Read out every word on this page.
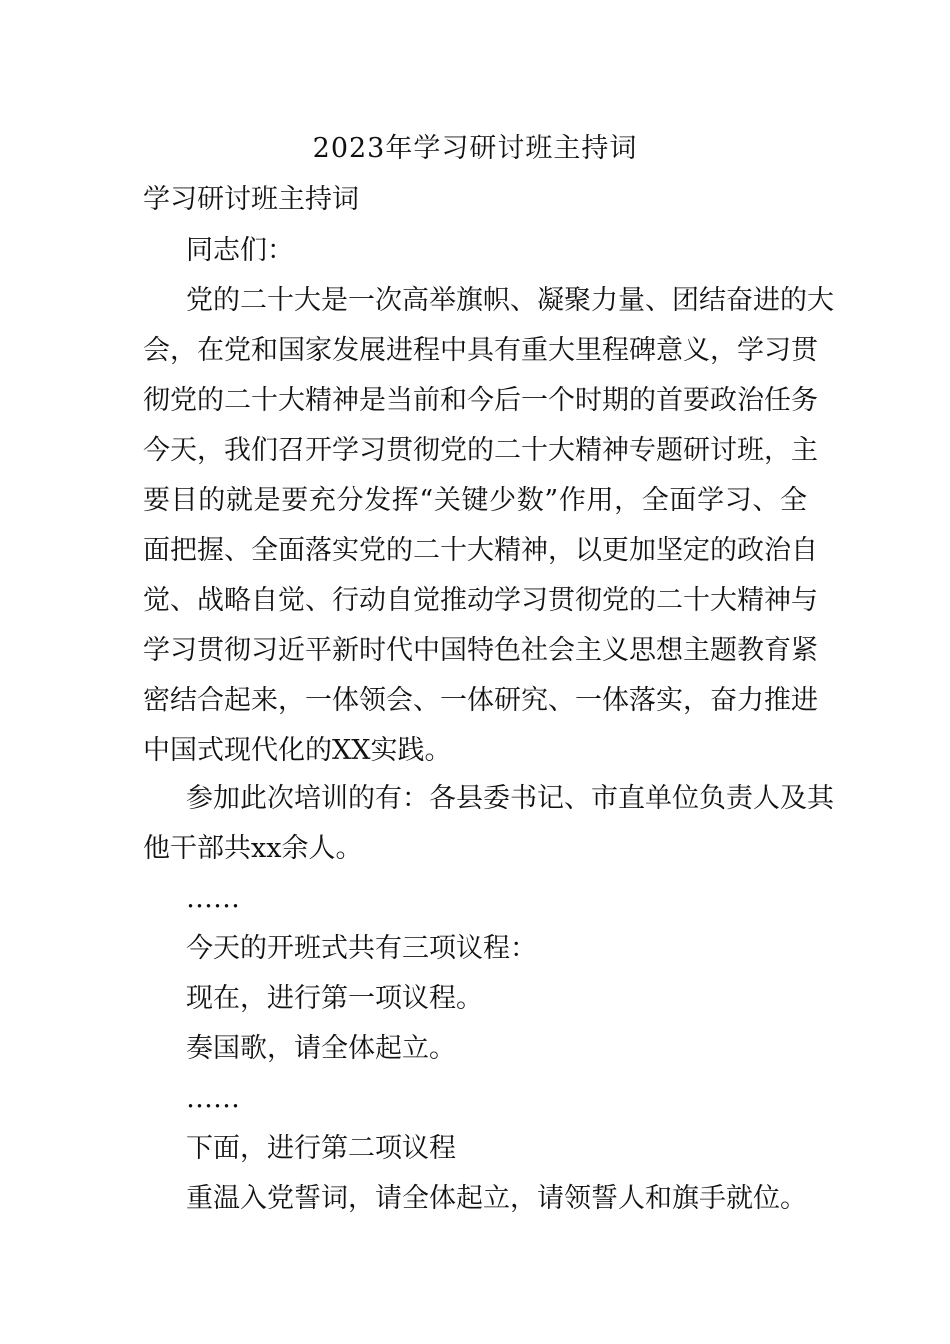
2023年学习研讨班主持词
学习研讨班主持词
同志们：
党的二十大是一次高举旗帜、凝聚力量、团结奋进的大
会，在党和国家发展进程中具有重大里程碑意义，学习贯
彻党的二十大精神是当前和今后一个时期的首要政治任务
今天，我们召开学习贯彻党的二十大精神专题研讨班，主
要目的就是要充分发挥“关键少数”作用，全面学习、全
面把握、全面落实党的二十大精神，以更加坚定的政治自
觉、战略自觉、行动自觉推动学习贯彻党的二十大精神与
学习贯彻习近平新时代中国特色社会主义思想主题教育紧
密结合起来，一体领会、一体研究、一体落实，奋力推进
中国式现代化的XX实践。
参加此次培训的有：各县委书记、市直单位负责人及其
他干部共xx余人。
……
今天的开班式共有三项议程：
现在，进行第一项议程。
奏国歌，请全体起立。
……
下面，进行第二项议程
重温入党誓词，请全体起立，请领誓人和旗手就位。
